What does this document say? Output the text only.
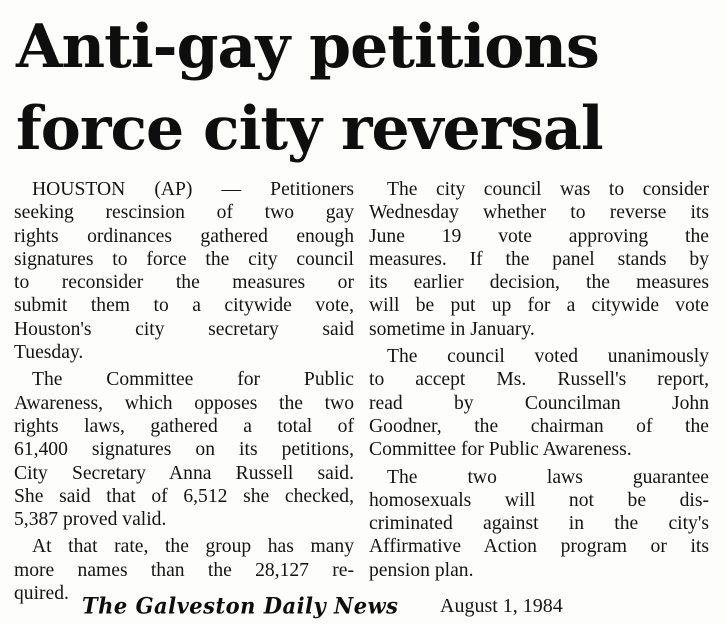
Anti-gay petitions
force city reversal
HOUSTON (AP) — Petitioners
seeking rescinsion of two gay
rights ordinances gathered enough
signatures to force the city council
to reconsider the measures or
submit them to a citywide vote,
Houston's city secretary said
Tuesday.
The Committee for Public
Awareness, which opposes the two
rights laws, gathered a total of
61,400 signatures on its petitions,
City Secretary Anna Russell said.
She said that of 6,512 she checked,
5,387 proved valid.
At that rate, the group has many
more names than the 28,127 re-
quired.
The city council was to consider
Wednesday whether to reverse its
June 19 vote approving the
measures. If the panel stands by
its earlier decision, the measures
will be put up for a citywide vote
sometime in January.
The council voted unanimously
to accept Ms. Russell's report,
read by Councilman John
Goodner, the chairman of the
Committee for Public Awareness.
The two laws guarantee
homosexuals will not be dis-
criminated against in the city's
Affirmative Action program or its
pension plan.
The Galveston Daily News August 1, 1984
